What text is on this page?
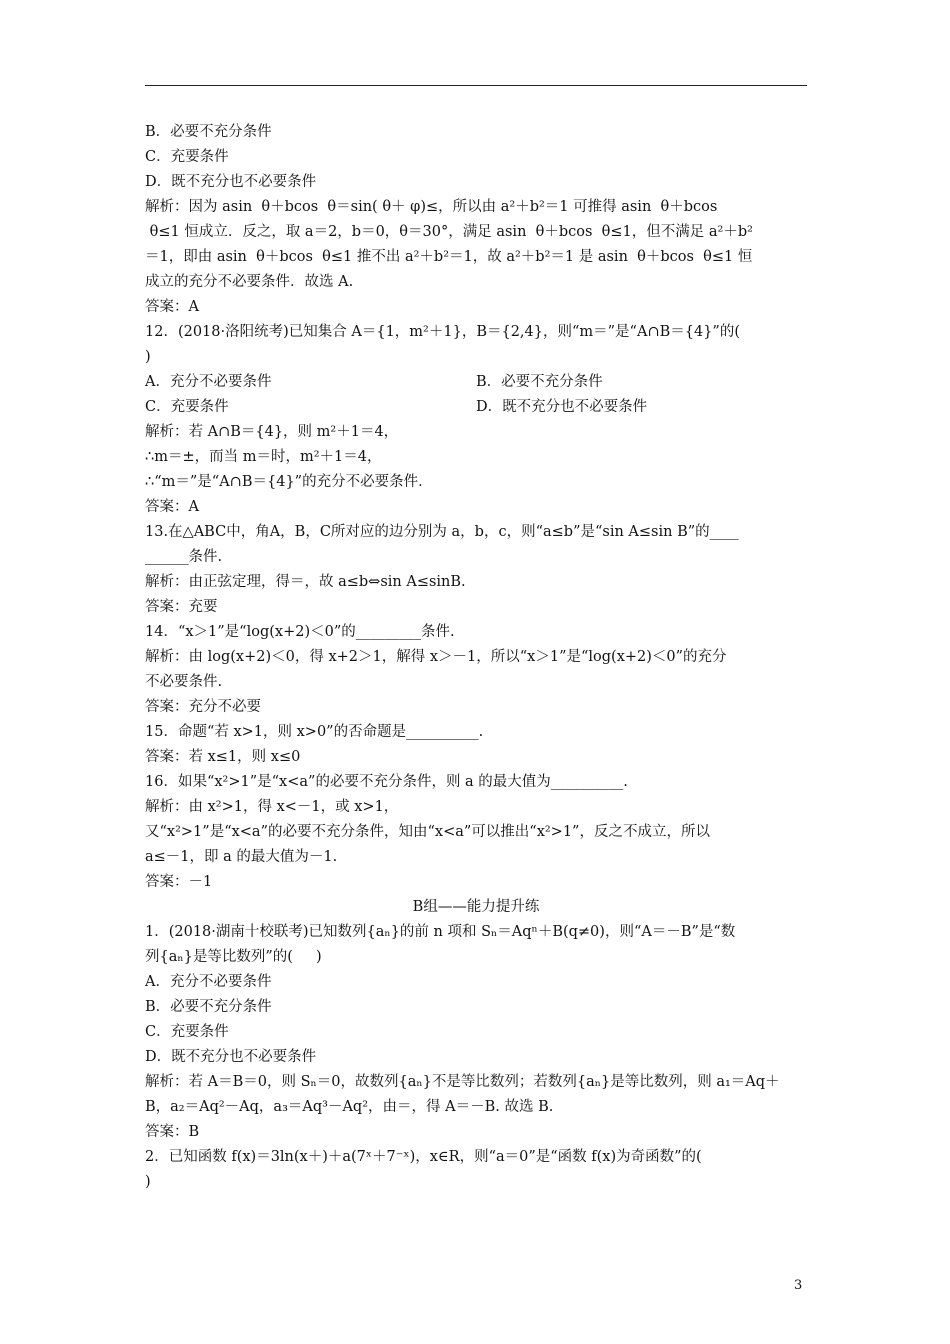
B．必要不充分条件
C．充要条件
D．既不充分也不必要条件
解析：因为 asin  θ＋bcos  θ＝sin( θ＋ φ)≤，所以由 a²＋b²＝1 可推得 asin  θ＋bcos
θ≤1 恒成立．反之，取 a＝2，b＝0，θ＝30°，满足 asin  θ＋bcos  θ≤1，但不满足 a²＋b²
＝1，即由 asin  θ＋bcos  θ≤1 推不出 a²＋b²＝1，故 a²＋b²＝1 是 asin  θ＋bcos  θ≤1 恒
成立的充分不必要条件．故选 A.
答案：A
12．(2018·洛阳统考)已知集合 A＝{1，m²＋1}，B＝{2,4}，则“m＝”是“A∩B＝{4}”的(
)
A．充分不必要条件	B．必要不充分条件
C．充要条件	D．既不充分也不必要条件
解析：若 A∩B＝{4}，则 m²＋1＝4，
∴m＝±，而当 m＝时，m²＋1＝4，
∴“m＝”是“A∩B＝{4}”的充分不必要条件．
答案：A
13.在△ABC中，角A，B，C所对应的边分别为 a，b，c，则“a≤b”是“sin A≤sin B”的____
______条件.
解析：由正弦定理，得＝，故 a≤b⇔sin A≤sinB.
答案：充要
14．“x＞1”是“log(x+2)＜0”的_________条件.
解析：由 log(x+2)＜0，得 x+2＞1，解得 x＞－1，所以“x＞1”是“log(x+2)＜0”的充分
不必要条件.
答案：充分不必要
15．命题“若 x>1，则 x>0”的否命题是__________.
答案：若 x≤1，则 x≤0
16．如果“x²>1”是“x<a”的必要不充分条件，则 a 的最大值为__________.
解析：由 x²>1，得 x<－1，或 x>1，
又“x²>1”是“x<a”的必要不充分条件，知由“x<a”可以推出“x²>1”，反之不成立，所以
a≤－1，即 a 的最大值为－1.
答案：－1
B组——能力提升练
1．(2018·湖南十校联考)已知数列{aₙ}的前 n 项和 Sₙ＝Aqⁿ＋B(q≠0)，则“A＝－B”是“数
列{aₙ}是等比数列”的(     )
A．充分不必要条件
B．必要不充分条件
C．充要条件
D．既不充分也不必要条件
解析：若 A＝B＝0，则 Sₙ＝0，故数列{aₙ}不是等比数列；若数列{aₙ}是等比数列，则 a₁＝Aq＋
B，a₂＝Aq²－Aq，a₃＝Aq³－Aq²，由＝，得 A＝－B. 故选 B.
答案：B
2．已知函数 f(x)＝3ln(x＋)＋a(7ˣ＋7⁻ˣ)，x∈R，则“a＝0”是“函数 f(x)为奇函数”的(
)
3
